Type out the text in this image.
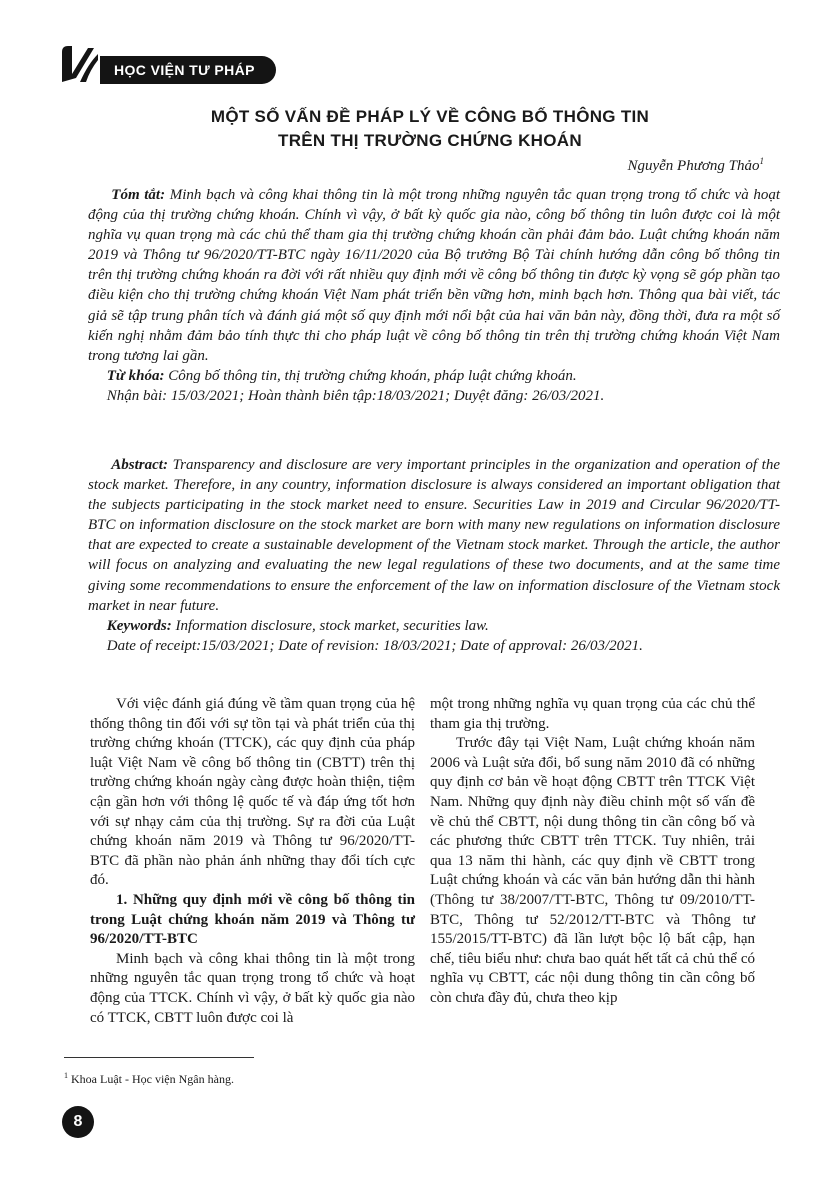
HỌC VIỆN TƯ PHÁP
MỘT SỐ VẤN ĐỀ PHÁP LÝ VỀ CÔNG BỐ THÔNG TIN
TRÊN THỊ TRƯỜNG CHỨNG KHOÁN
Nguyễn Phương Thảo$^1$
Tóm tắt: Minh bạch và công khai thông tin là một trong những nguyên tắc quan trọng trong tổ chức và hoạt động của thị trường chứng khoán. Chính vì vậy, ở bất kỳ quốc gia nào, công bố thông tin luôn được coi là một nghĩa vụ quan trọng mà các chủ thể tham gia thị trường chứng khoán cần phải đảm bảo. Luật chứng khoán năm 2019 và Thông tư 96/2020/TT-BTC ngày 16/11/2020 của Bộ trưởng Bộ Tài chính hướng dẫn công bố thông tin trên thị trường chứng khoán ra đời với rất nhiều quy định mới về công bố thông tin được kỳ vọng sẽ góp phần tạo điều kiện cho thị trường chứng khoán Việt Nam phát triển bền vững hơn, minh bạch hơn. Thông qua bài viết, tác giả sẽ tập trung phân tích và đánh giá một số quy định mới nổi bật của hai văn bản này, đồng thời, đưa ra một số kiến nghị nhằm đảm bảo tính thực thi cho pháp luật về công bố thông tin trên thị trường chứng khoán Việt Nam trong tương lai gần.
Từ khóa: Công bố thông tin, thị trường chứng khoán, pháp luật chứng khoán.
Nhận bài: 15/03/2021; Hoàn thành biên tập:18/03/2021; Duyệt đăng: 26/03/2021.
Abstract: Transparency and disclosure are very important principles in the organization and operation of the stock market. Therefore, in any country, information disclosure is always considered an important obligation that the subjects participating in the stock market need to ensure. Securities Law in 2019 and Circular 96/2020/TT-BTC on information disclosure on the stock market are born with many new regulations on information disclosure that are expected to create a sustainable development of the Vietnam stock market. Through the article, the author will focus on analyzing and evaluating the new legal regulations of these two documents, and at the same time giving some recommendations to ensure the enforcement of the law on information disclosure of the Vietnam stock market in near future.
Keywords: Information disclosure, stock market, securities law.
Date of receipt:15/03/2021; Date of revision: 18/03/2021; Date of approval: 26/03/2021.

Với việc đánh giá đúng về tầm quan trọng của hệ thống thông tin đối với sự tồn tại và phát triển của thị trường chứng khoán (TTCK), các quy định của pháp luật Việt Nam về công bố thông tin (CBTT) trên thị trường chứng khoán ngày càng được hoàn thiện, tiệm cận gần hơn với thông lệ quốc tế và đáp ứng tốt hơn với sự nhạy cảm của thị trường. Sự ra đời của Luật chứng khoán năm 2019 và Thông tư 96/2020/TT-BTC đã phần nào phản ánh những thay đổi tích cực đó.

1. Những quy định mới về công bố thông tin trong Luật chứng khoán năm 2019 và Thông tư 96/2020/TT-BTC

Minh bạch và công khai thông tin là một trong những nguyên tắc quan trọng trong tổ chức và hoạt động của TTCK. Chính vì vậy, ở bất kỳ quốc gia nào có TTCK, CBTT luôn được coi là

một trong những nghĩa vụ quan trọng của các chủ thể tham gia thị trường.

Trước đây tại Việt Nam, Luật chứng khoán năm 2006 và Luật sửa đổi, bổ sung năm 2010 đã có những quy định cơ bản về hoạt động CBTT trên TTCK Việt Nam. Những quy định này điều chỉnh một số vấn đề về chủ thể CBTT, nội dung thông tin cần công bố và các phương thức CBTT trên TTCK. Tuy nhiên, trải qua 13 năm thi hành, các quy định về CBTT trong Luật chứng khoán và các văn bản hướng dẫn thi hành (Thông tư 38/2007/TT-BTC, Thông tư 09/2010/TT-BTC, Thông tư 52/2012/TT-BTC và Thông tư 155/2015/TT-BTC) đã lần lượt bộc lộ bất cập, hạn chế, tiêu biểu như: chưa bao quát hết tất cả chủ thể có nghĩa vụ CBTT, các nội dung thông tin cần công bố còn chưa đầy đủ, chưa theo kịp

$^1$ Khoa Luật - Học viện Ngân hàng.
8
